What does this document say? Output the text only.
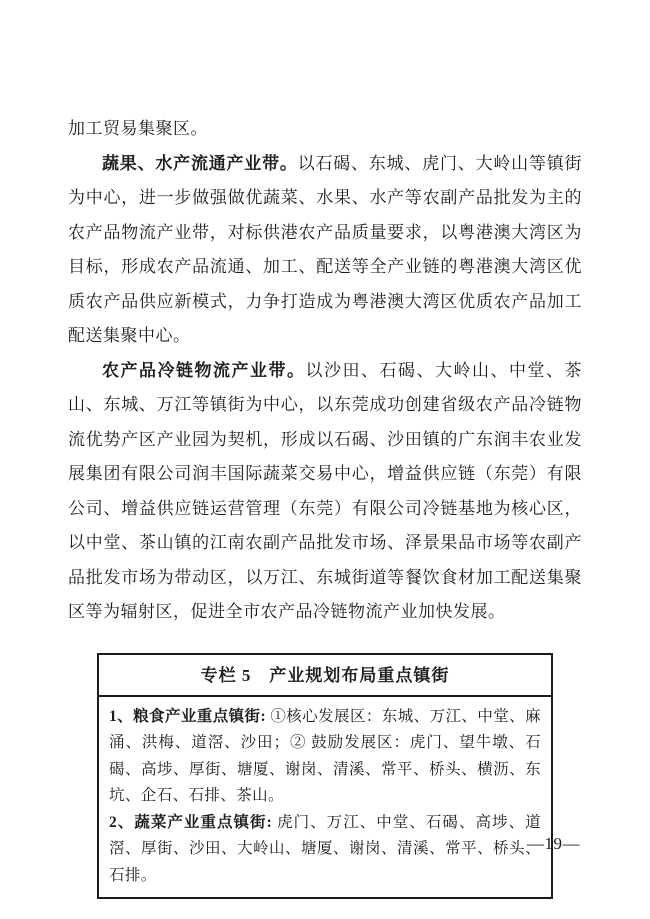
加工贸易集聚区。

蔬果、水产流通产业带。以石碣、东城、虎门、大岭山等镇街为中心，进一步做强做优蔬菜、水果、水产等农副产品批发为主的农产品物流产业带，对标供港农产品质量要求，以粤港澳大湾区为目标，形成农产品流通、加工、配送等全产业链的粤港澳大湾区优质农产品供应新模式，力争打造成为粤港澳大湾区优质农产品加工配送集聚中心。

农产品冷链物流产业带。以沙田、石碣、大岭山、中堂、茶山、东城、万江等镇街为中心，以东莞成功创建省级农产品冷链物流优势产区产业园为契机，形成以石碣、沙田镇的广东润丰农业发展集团有限公司润丰国际蔬菜交易中心，增益供应链（东莞）有限公司、增益供应链运营管理（东莞）有限公司冷链基地为核心区，以中堂、茶山镇的江南农副产品批发市场、泽景果品市场等农副产品批发市场为带动区，以万江、东城街道等餐饮食材加工配送集聚区等为辐射区，促进全市农产品冷链物流产业加快发展。

专栏 5　产业规划布局重点镇街

1、粮食产业重点镇街: ①核心发展区：东城、万江、中堂、麻涌、洪梅、道滘、沙田；② 鼓励发展区：虎门、望牛墩、石碣、高埗、厚街、塘厦、谢岗、清溪、常平、桥头、横沥、东坑、企石、石排、茶山。

2、蔬菜产业重点镇街: 虎门、万江、中堂、石碣、高埗、道滘、厚街、沙田、大岭山、塘厦、谢岗、清溪、常平、桥头、石排。

—19—
